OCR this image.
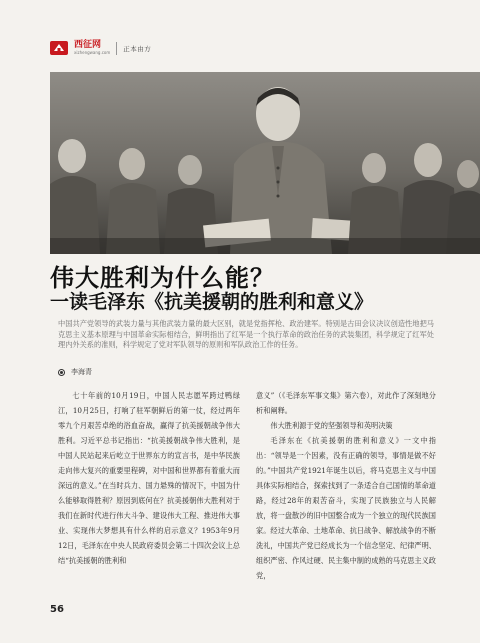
西征网
xizhengwang.com 正本由方
伟大胜利为什么能？
一读毛泽东《抗美援朝的胜利和意义》
中国共产党领导的武装力量与其他武装力量的最大区别，就是党指挥枪、政治建军。特别是古田会议决议创造性地把马克思主义基本原理与中国革命实际相结合，鲜明指出了红军是一个执行革命的政治任务的武装集团，科学规定了红军处理内外关系的准则，科学规定了党对军队领导的原则和军队政治工作的任务。
李海青

七十年前的10月19日，中国人民志愿军跨过鸭绿江，10月25日，打响了驻军朝鲜后的第一仗，经过两年零九个月艰苦卓绝的浴血奋战，赢得了抗美援朝战争伟大胜利。习近平总书记指出：“抗美援朝战争伟大胜利，是中国人民站起来后屹立于世界东方的宣言书，是中华民族走向伟大复兴的重要里程碑，对中国和世界都有着重大而深远的意义。”在当时兵力、国力悬殊的情况下，中国为什么能够取得胜利？原因到底何在？抗美援朝伟大胜利对于我们在新时代进行伟大斗争、建设伟大工程、推进伟大事业、实现伟大梦想具有什么样的启示意义？1953年9月12日，毛泽东在中央人民政府委员会第二十四次会议上总结“抗美援朝的胜利和

意义”（《毛泽东军事文集》第六卷），对此作了深刻地分析和阐释。

伟大胜利源于党的坚强领导和英明决策

毛泽东在《抗美援朝的胜利和意义》一文中指出：“领导是一个因素，没有正确的领导，事情是做不好的。”中国共产党1921年诞生以后，将马克思主义与中国具体实际相结合，探索找到了一条适合自己国情的革命道路，经过28年的艰苦奋斗，实现了民族独立与人民解放，将一盘散沙的旧中国整合成为一个独立的现代民族国家。经过大革命、土地革命、抗日战争、解放战争的不断洗礼，中国共产党已经成长为一个信念坚定、纪律严明、组织严密、作风过硬、民主集中制的成熟的马克思主义政党，

56
